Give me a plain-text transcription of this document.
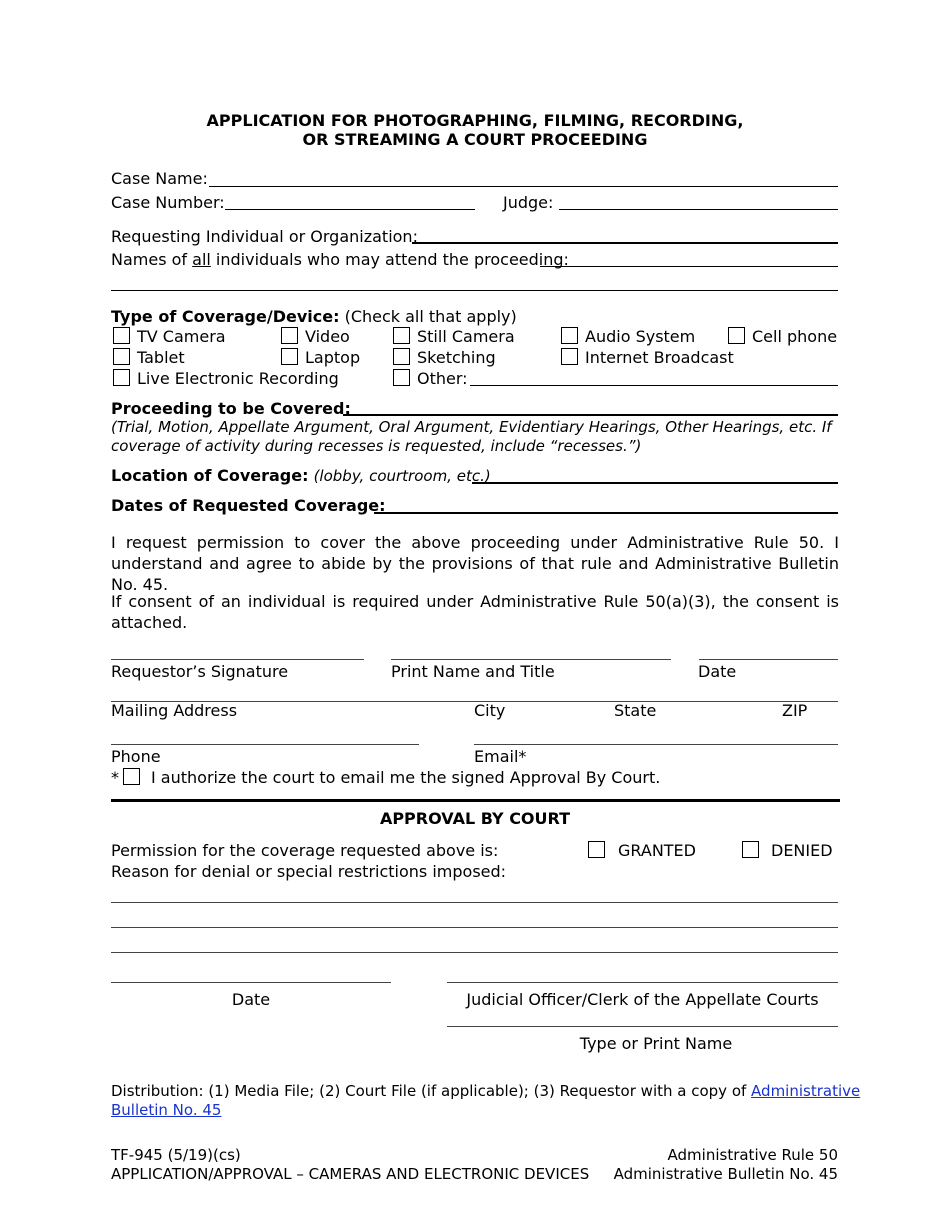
APPLICATION FOR PHOTOGRAPHING, FILMING, RECORDING,
OR STREAMING A COURT PROCEEDING
Case Name:
Case Number:	Judge:
Requesting Individual or Organization:
Names of all individuals who may attend the proceeding:
Type of Coverage/Device: (Check all that apply)
TV Camera	Video	Still Camera	Audio System	Cell phone
Tablet	Laptop	Sketching	Internet Broadcast
Live Electronic Recording	Other:
Proceeding to be Covered:
(Trial, Motion, Appellate Argument, Oral Argument, Evidentiary Hearings, Other Hearings, etc. If
coverage of activity during recesses is requested, include “recesses.”)
Location of Coverage: (lobby, courtroom, etc.)
Dates of Requested Coverage:
I request permission to cover the above proceeding under Administrative Rule 50. I understand and agree to abide by the provisions of that rule and Administrative Bulletin No. 45.
If consent of an individual is required under Administrative Rule 50(a)(3), the consent is attached.
Requestor’s Signature	Print Name and Title	Date
Mailing Address	City	State	ZIP
Phone	Email*
* I authorize the court to email me the signed Approval By Court.
APPROVAL BY COURT
Permission for the coverage requested above is:	GRANTED	DENIED
Reason for denial or special restrictions imposed:
Date	Judicial Officer/Clerk of the Appellate Courts
Type or Print Name
Distribution: (1) Media File; (2) Court File (if applicable); (3) Requestor with a copy of Administrative
Bulletin No. 45
TF-945 (5/19)(cs)
APPLICATION/APPROVAL – CAMERAS AND ELECTRONIC DEVICES
Administrative Rule 50
Administrative Bulletin No. 45
